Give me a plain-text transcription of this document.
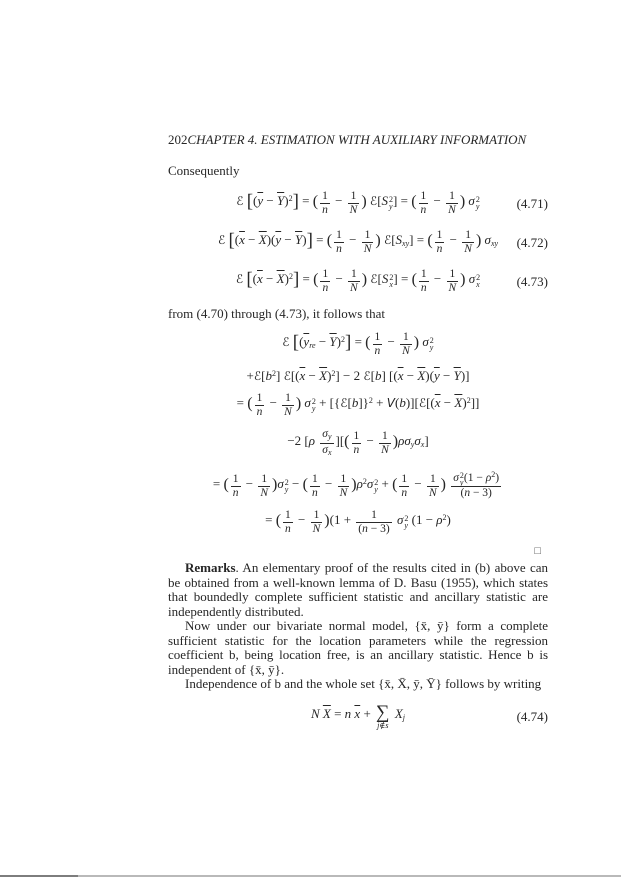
202CHAPTER 4. ESTIMATION WITH AUXILIARY INFORMATION
Consequently
ℰ $[(\overline{y} - \overline{Y})^2]$ = ( $\frac{1}{n} - \frac{1}{N}$ ) ℰ[S 2
y ] = ( $\frac{1}{n} - \frac{1}{N}$ ) σ 2
y	(4.71)
ℰ $[(\overline{x} - \overline{X})(\overline{y} - \overline{Y})]$ = ( $\frac{1}{n} - \frac{1}{N}$ ) ℰ[Sxy] = ( $\frac{1}{n} - \frac{1}{N}$ ) σxy (4.72)
ℰ $[(\overline{x} - \overline{X})^2]$ = ( $\frac{1}{n} - \frac{1}{N}$ ) ℰ[S 2
x ] = ( $\frac{1}{n} - \frac{1}{N}$ ) σ 2
x	(4.73)
from (4.70) through (4.73), it follows that
ℰ $[(\overline{y}re - \overline{Y})^2]$ = ( $\frac{1}{n} - \frac{1}{N}$ ) σ 2
y
$+ℰ[b^2]$ $ℰ[(\overline{x} - \overline{X})^2] - 2$ ℰ[b] $[(\overline{x} - \overline{X})(\overline{y} - \overline{Y})]$
= ( $\frac{1}{n} - \frac{1}{N}$ ) σ 2
y + [{ℰ[b]}$^2$ + $V(b)][ℰ[(\overline{x} - \overline{X})^2]]$
−2 [$\rho \frac{\sigma y}{\sigma x}$ ][( $\frac{1}{n} - \frac{1}{N} )\rho\sigma y\sigma x$]
= ( $\frac{1}{n} - \frac{1}{N} )\sigma$ 2
y − ( $\frac{1}{n} - \frac{1}{N} )\rho^2\sigma$ 2
y + ( $\frac{1}{n} - \frac{1}{N}$ ) σ 2
y $(1 - \rho^2)$
(n − 3)
= ( $\frac{1}{n} - \frac{1}{N} )(1 + \frac{1}{(n - 3)}$ σ 2
y $(1 - \rho^2)$
□

Remarks. An elementary proof of the results cited in (b) above can be obtained from a well-known lemma of D. Basu (1955), which states that boundedly complete sufficient statistic and ancillary statistic are independently distributed.

Now under our bivariate normal model, {x̄, ȳ} form a complete sufficient statistic for the location parameters while the regression coefficient b, being location free, is an ancillary statistic. Hence b is independent of {x̄, ȳ}.

Independence of b and the whole set {x̄, X̄, ȳ, Ȳ} follows by writing

N $\overline{X} = n$ $\overline{x}$ + ∑
j∉s
Xj	(4.74)
